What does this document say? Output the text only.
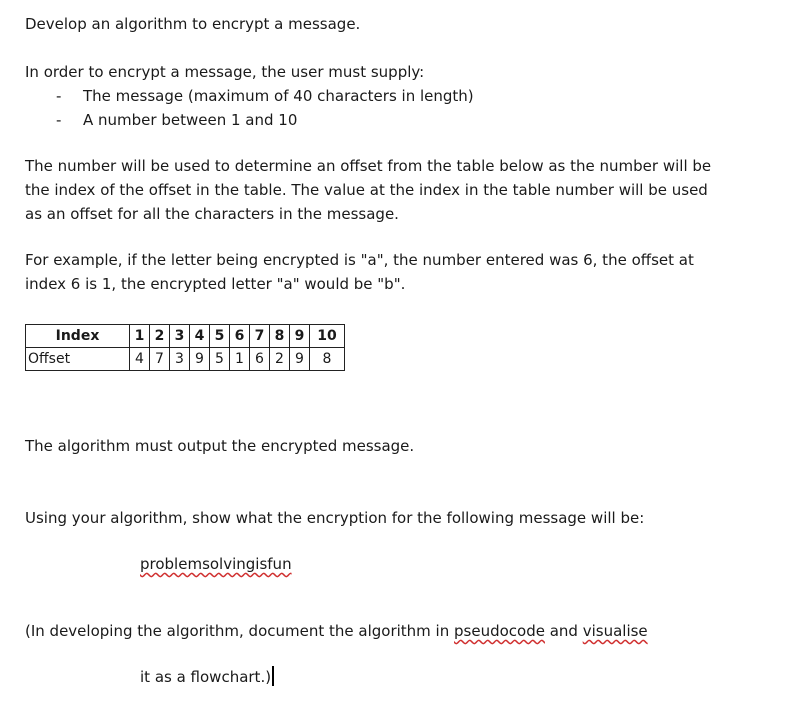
Develop an algorithm to encrypt a message.
In order to encrypt a message, the user must supply:
- The message (maximum of 40 characters in length)
- A number between 1 and 10
The number will be used to determine an offset from the table below as the number will be
the index of the offset in the table. The value at the index in the table number will be used
as an offset for all the characters in the message.
For example, if the letter being encrypted is "a", the number entered was 6, the offset at
index 6 is 1, the encrypted letter "a" would be "b".
Index	1	2	3	4	5	6	7	8	9	10
Offset	4	7	3	9	5	1	6	2	9	8
The algorithm must output the encrypted message.
Using your algorithm, show what the encryption for the following message will be:
problemsolvingisfun
(In developing the algorithm, document the algorithm in pseudocode and visualise
it as a flowchart.)
